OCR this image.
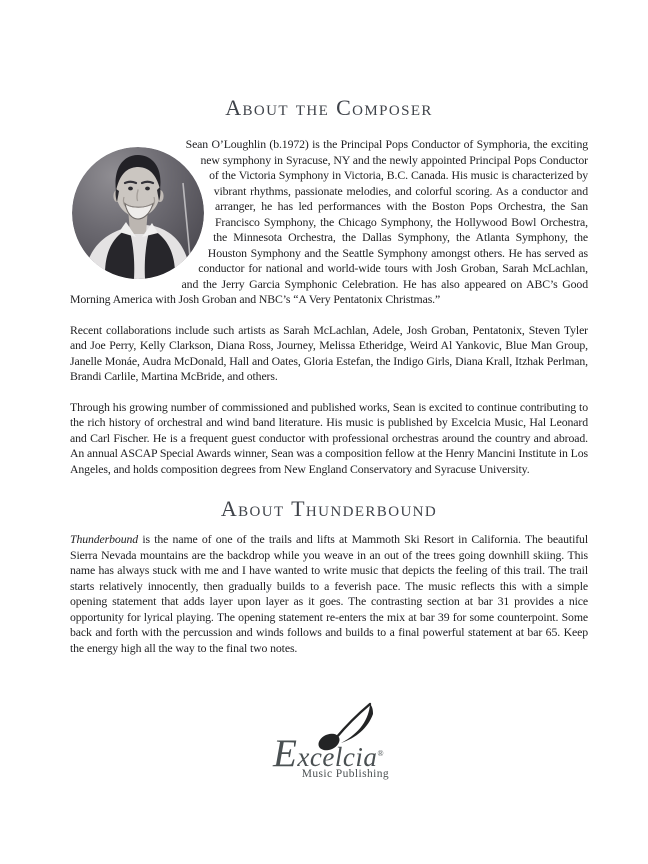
About the Composer

Sean O’Loughlin (b.1972) is the Principal Pops Conductor of Symphoria, the exciting new symphony in Syracuse, NY and the newly appointed Principal Pops Conductor of the Victoria Symphony in Victoria, B.C. Canada. His music is characterized by vibrant rhythms, passionate melodies, and colorful scoring. As a conductor and arranger, he has led performances with the Boston Pops Orchestra, the San Francisco Symphony, the Chicago Symphony, the Hollywood Bowl Orchestra, the Minnesota Orchestra, the Dallas Symphony, the Atlanta Symphony, the Houston Symphony and the Seattle Symphony amongst others. He has served as conductor for national and world-wide tours with Josh Groban, Sarah McLachlan, and the Jerry Garcia Symphonic Celebration. He has also appeared on ABC’s Good Morning America with Josh Groban and NBC’s “A Very Pentatonix Christmas.”

Recent collaborations include such artists as Sarah McLachlan, Adele, Josh Groban, Pentatonix, Steven Tyler and Joe Perry, Kelly Clarkson, Diana Ross, Journey, Melissa Etheridge, Weird Al Yankovic, Blue Man Group, Janelle Monáe, Audra McDonald, Hall and Oates, Gloria Estefan, the Indigo Girls, Diana Krall, Itzhak Perlman, Brandi Carlile, Martina McBride, and others.

Through his growing number of commissioned and published works, Sean is excited to continue contributing to the rich history of orchestral and wind band literature. His music is published by Excelcia Music, Hal Leonard and Carl Fischer. He is a frequent guest conductor with professional orchestras around the country and abroad. An annual ASCAP Special Awards winner, Sean was a composition fellow at the Henry Mancini Institute in Los Angeles, and holds composition degrees from New England Conservatory and Syracuse University.

About Thunderbound

Thunderbound is the name of one of the trails and lifts at Mammoth Ski Resort in California. The beautiful Sierra Nevada mountains are the backdrop while you weave in an out of the trees going downhill skiing. This name has always stuck with me and I have wanted to write music that depicts the feeling of this trail. The trail starts relatively innocently, then gradually builds to a feverish pace. The music reflects this with a simple opening statement that adds layer upon layer as it goes. The contrasting section at bar 31 provides a nice opportunity for lyrical playing. The opening statement re-enters the mix at bar 39 for some counterpoint. Some back and forth with the percussion and winds follows and builds to a final powerful statement at bar 65. Keep the energy high all the way to the final two notes.

Excelcia®
Music Publishing
